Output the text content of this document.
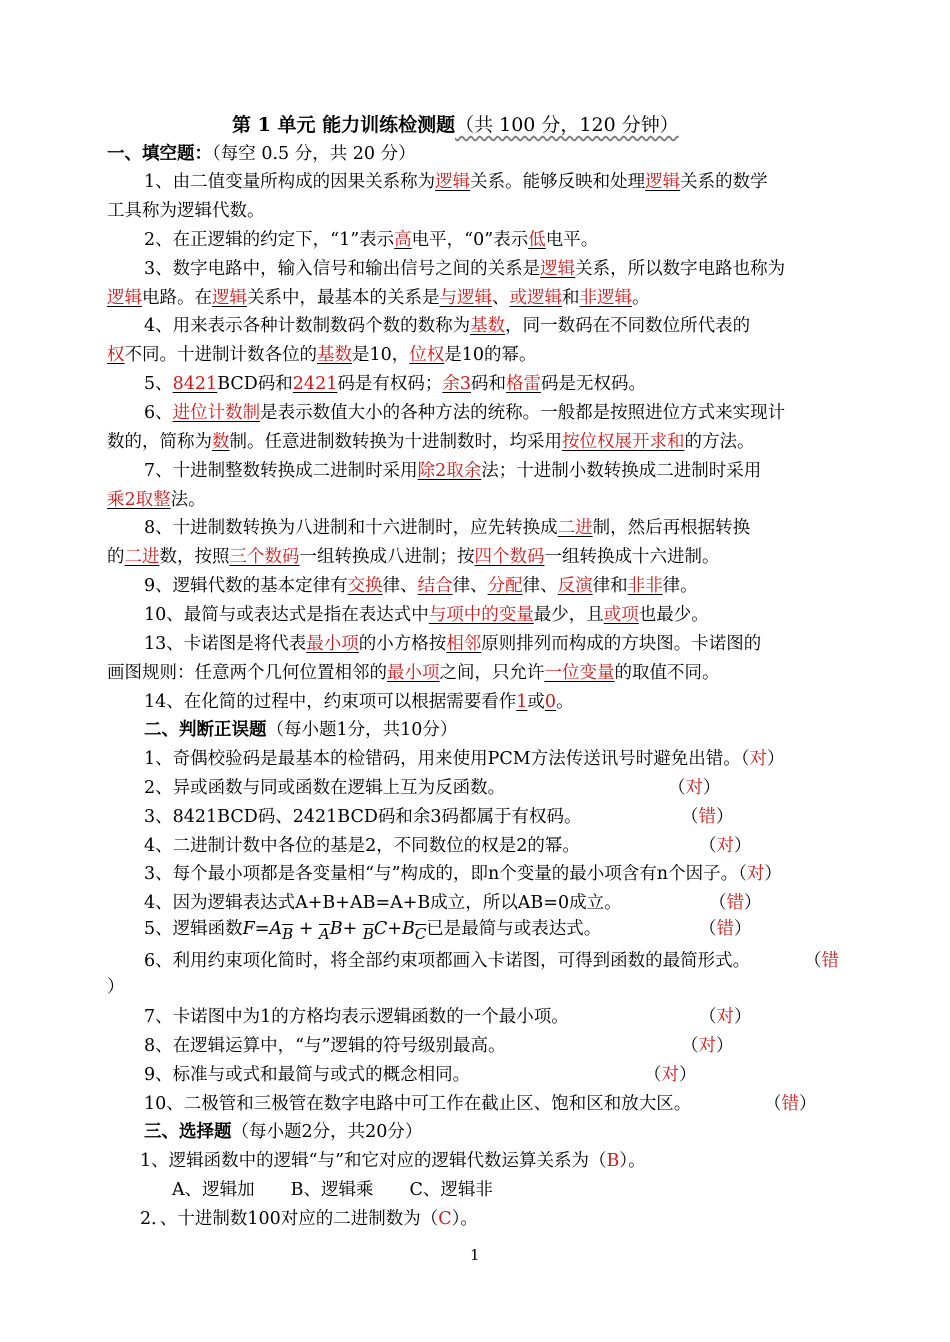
第 1 单元 能力训练检测题（共 100 分，120 分钟）
一、填空题：（每空 0.5 分，共 20 分）
1、由二值变量所构成的因果关系称为逻辑关系。能够反映和处理逻辑关系的数学
工具称为逻辑代数。
2、在正逻辑的约定下，“1”表示高电平，“0”表示低电平。
3、数字电路中，输入信号和输出信号之间的关系是逻辑关系，所以数字电路也称为
逻辑电路。在逻辑关系中，最基本的关系是与逻辑、或逻辑和非逻辑。
4、用来表示各种计数制数码个数的数称为基数，同一数码在不同数位所代表的
权不同。十进制计数各位的基数是10，位权是10的幂。
5、8421BCD码和2421码是有权码；余3码和格雷码是无权码。
6、进位计数制是表示数值大小的各种方法的统称。一般都是按照进位方式来实现计
数的，简称为数制。任意进制数转换为十进制数时，均采用按位权展开求和的方法。
7、十进制整数转换成二进制时采用除2取余法；十进制小数转换成二进制时采用
乘2取整法。
8、十进制数转换为八进制和十六进制时，应先转换成二进制，然后再根据转换
的二进数，按照三个数码一组转换成八进制；按四个数码一组转换成十六进制。
9、逻辑代数的基本定律有交换律、结合律、分配律、反演律和非非律。
10、最简与或表达式是指在表达式中与项中的变量最少，且或项也最少。
13、卡诺图是将代表最小项的小方格按相邻原则排列而构成的方块图。卡诺图的
画图规则：任意两个几何位置相邻的最小项之间，只允许一位变量的取值不同。
14、在化简的过程中，约束项可以根据需要看作1或0。
二、判断正误题（每小题1分，共10分）
1、奇偶校验码是最基本的检错码，用来使用PCM方法传送讯号时避免出错。（对）
2、异或函数与同或函数在逻辑上互为反函数。	（对）
3、8421BCD码、2421BCD码和余3码都属于有权码。	（错）
4、二进制计数中各位的基是2，不同数位的权是2的幂。	（对）
3、每个最小项都是各变量相“与”构成的，即n个变量的最小项含有n个因子。（对）
4、因为逻辑表达式A+B+AB=A+B成立，所以AB=0成立。	（错）
5、逻辑函数$F=A\overline{B} + \overline{A}B+ \overline{B}C+B\overline{C}$已是最简与或表达式。	（错）
6、利用约束项化简时，将全部约束项都画入卡诺图，可得到函数的最简形式。	（错
）
7、卡诺图中为1的方格均表示逻辑函数的一个最小项。	（对）
8、在逻辑运算中，“与”逻辑的符号级别最高。	（对）
9、标准与或式和最简与或式的概念相同。	（对）
10、二极管和三极管在数字电路中可工作在截止区、饱和区和放大区。	（错）
三、选择题（每小题2分，共20分）
1、逻辑函数中的逻辑“与”和它对应的逻辑代数运算关系为（B）。
A、逻辑加 B、逻辑乘 C、逻辑非
2．、十进制数100对应的二进制数为（C）。
1
